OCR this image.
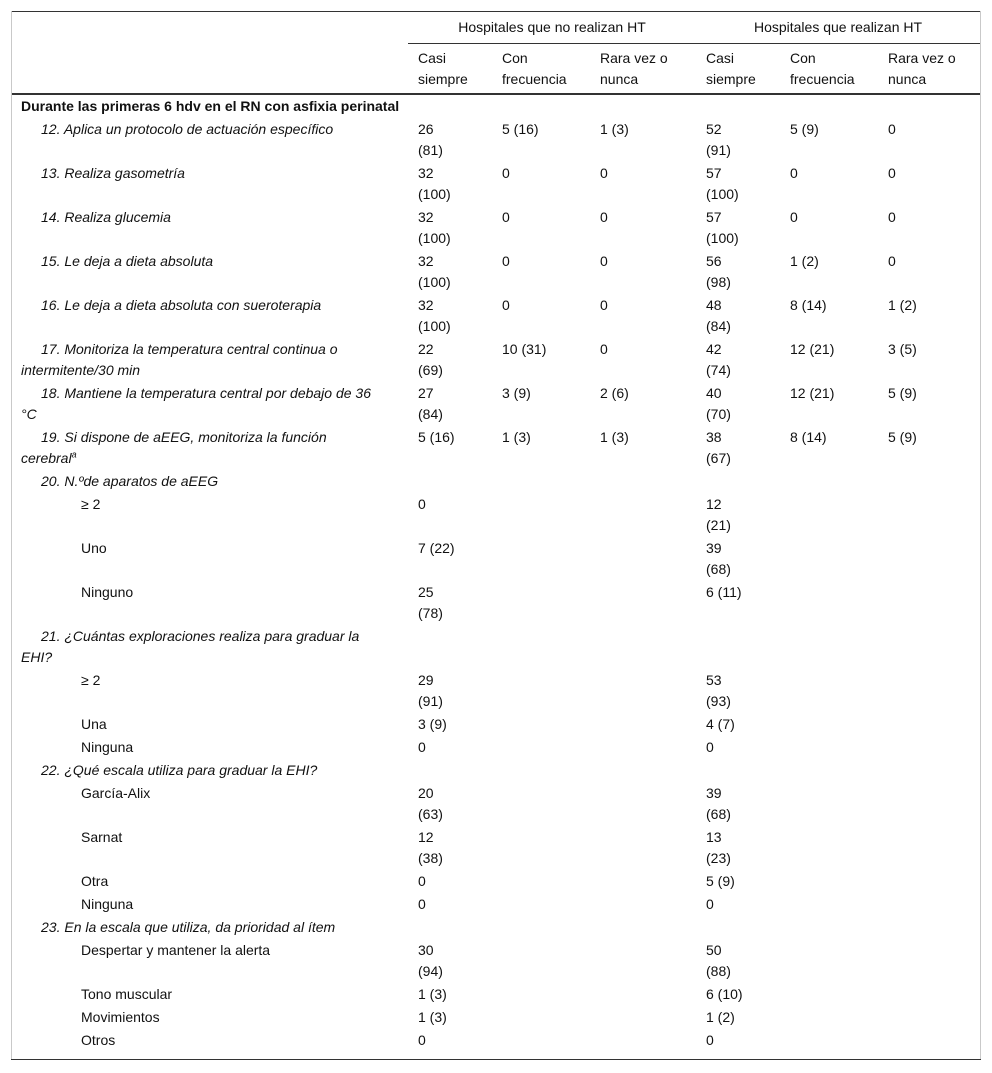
	Hospitales que no realizan HT			Hospitales que realizan HT		
	Casi siempre	Con frecuencia	Rara vez o nunca	Casi siempre	Con frecuencia	Rara vez o nunca
Durante las primeras 6 hdv en el RN con asfixia perinatal						
12. Aplica un protocolo de actuación específico	26 (81)	5 (16)	1 (3)	52 (91)	5 (9)	0
13. Realiza gasometría	32 (100)	0	0	57 (100)	0	0
14. Realiza glucemia	32 (100)	0	0	57 (100)	0	0
15. Le deja a dieta absoluta	32 (100)	0	0	56 (98)	1 (2)	0
16. Le deja a dieta absoluta con sueroterapia	32 (100)	0	0	48 (84)	8 (14)	1 (2)
17. Monitoriza la temperatura central continua o intermitente/30 min	22 (69)	10 (31)	0	42 (74)	12 (21)	3 (5)
18. Mantiene la temperatura central por debajo de 36 °C	27 (84)	3 (9)	2 (6)	40 (70)	12 (21)	5 (9)
19. Si dispone de aEEG, monitoriza la función cerebral$^a$	5 (16)	1 (3)	1 (3)	38 (67)	8 (14)	5 (9)
20. N.ºde aparatos de aEEG						
≥ 2	0			12 (21)		
Uno	7 (22)			39 (68)		
Ninguno	25 (78)			6 (11)		
21. ¿Cuántas exploraciones realiza para graduar la EHI?						
≥ 2	29 (91)			53 (93)		
Una	3 (9)			4 (7)		
Ninguna	0			0		
22. ¿Qué escala utiliza para graduar la EHI?						
García-Alix	20 (63)			39 (68)		
Sarnat	12 (38)			13 (23)		
Otra	0			5 (9)		
Ninguna	0			0		
23. En la escala que utiliza, da prioridad al ítem						
Despertar y mantener la alerta	30 (94)			50 (88)		
Tono muscular	1 (3)			6 (10)		
Movimientos	1 (3)			1 (2)		
Otros	0			0		
